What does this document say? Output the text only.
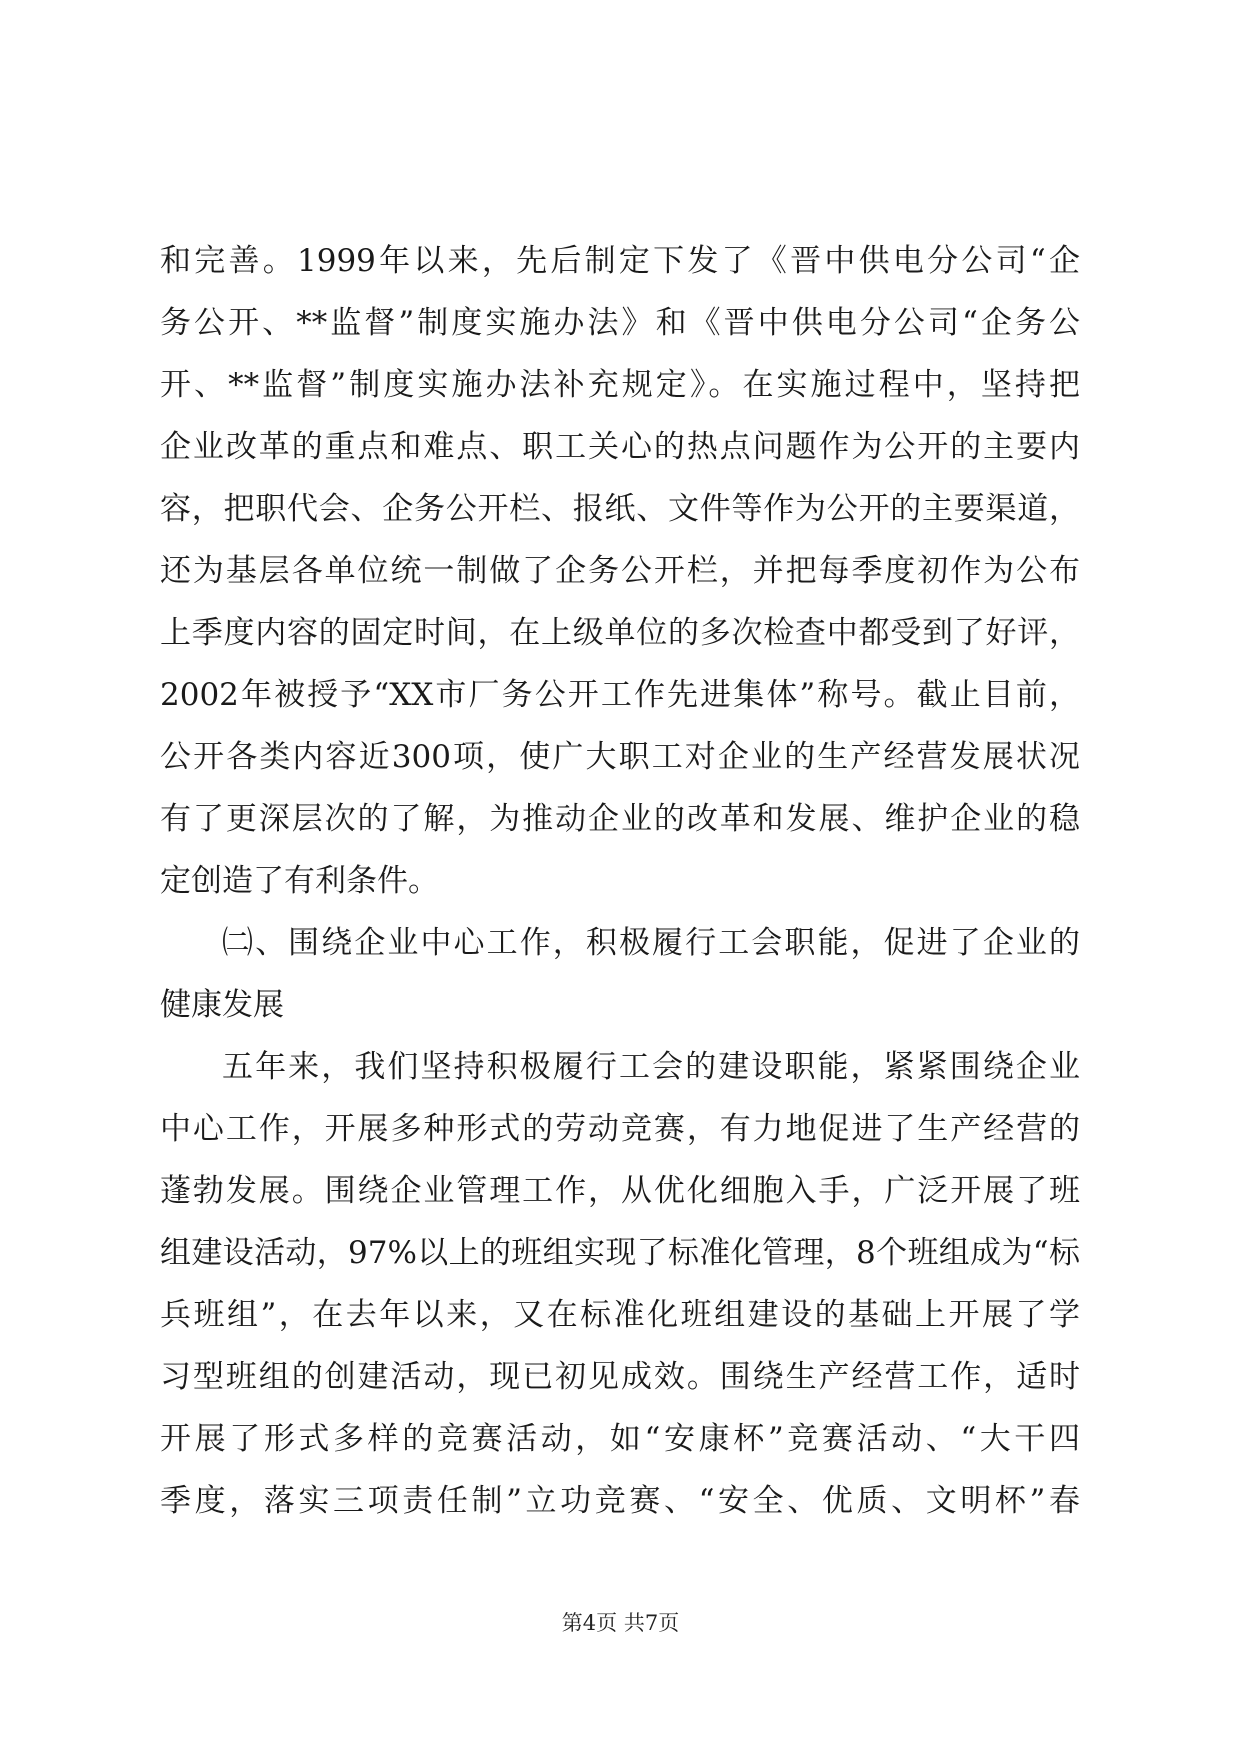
和完善。1999年以来，先后制定下发了《晋中供电分公司“企
务公开、**监督”制度实施办法》和《晋中供电分公司“企务公
开、**监督”制度实施办法补充规定》。在实施过程中，坚持把
企业改革的重点和难点、职工关心的热点问题作为公开的主要内
容，把职代会、企务公开栏、报纸、文件等作为公开的主要渠道，
还为基层各单位统一制做了企务公开栏，并把每季度初作为公布
上季度内容的固定时间，在上级单位的多次检查中都受到了好评，
2002年被授予“XX市厂务公开工作先进集体”称号。截止目前，
公开各类内容近300项，使广大职工对企业的生产经营发展状况
有了更深层次的了解，为推动企业的改革和发展、维护企业的稳
定创造了有利条件。
㈡、围绕企业中心工作，积极履行工会职能，促进了企业的
健康发展
五年来，我们坚持积极履行工会的建设职能，紧紧围绕企业
中心工作，开展多种形式的劳动竞赛，有力地促进了生产经营的
蓬勃发展。围绕企业管理工作，从优化细胞入手，广泛开展了班
组建设活动，97%以上的班组实现了标准化管理，8个班组成为“标
兵班组”，在去年以来，又在标准化班组建设的基础上开展了学
习型班组的创建活动，现已初见成效。围绕生产经营工作，适时
开展了形式多样的竞赛活动，如“安康杯”竞赛活动、“大干四
季度，落实三项责任制”立功竞赛、“安全、优质、文明杯”春
第4页 共7页
